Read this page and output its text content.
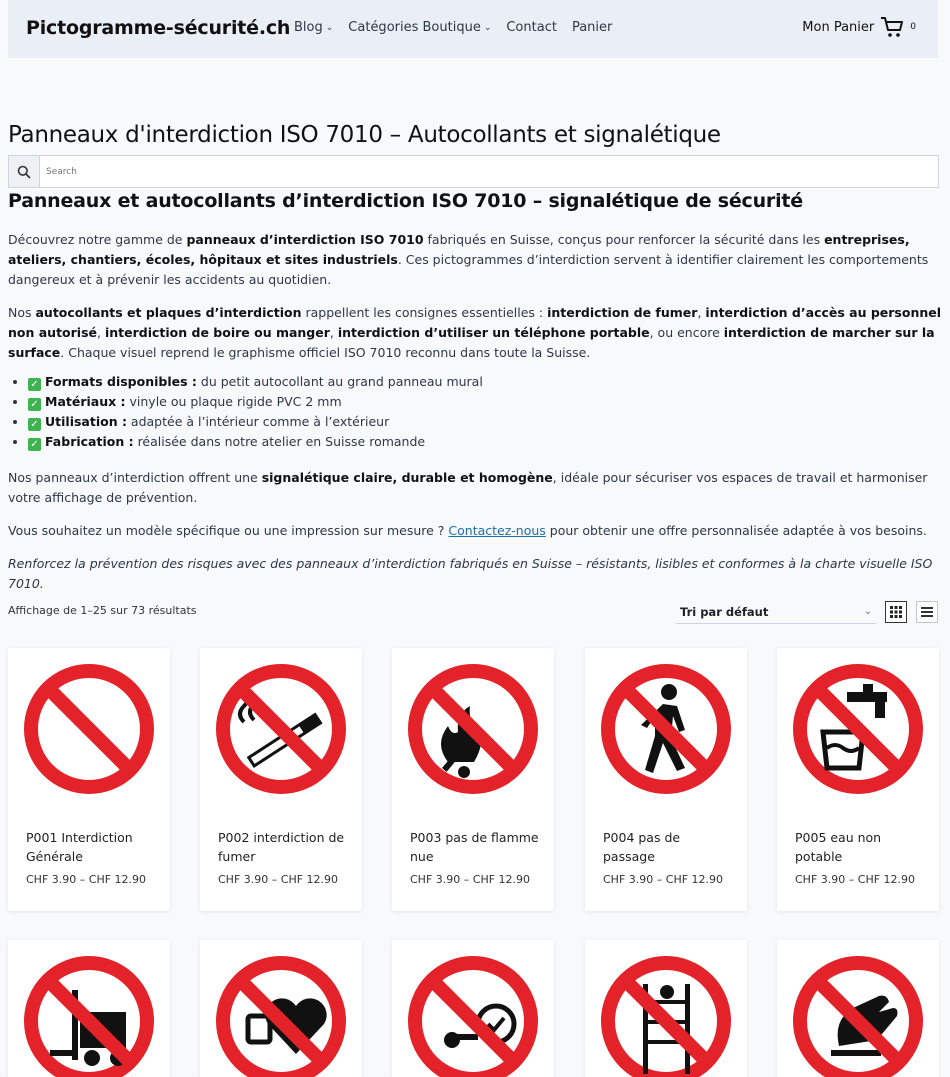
Pictogramme-sécurité.ch Blog ⌄ Catégories Boutique ⌄ Contact Panier	Mon Panier	0
Panneaux d'interdiction ISO 7010 – Autocollants et signalétique
Search
Panneaux et autocollants d’interdiction ISO 7010 – signalétique de sécurité

Découvrez notre gamme de panneaux d’interdiction ISO 7010 fabriqués en Suisse, conçus pour renforcer la sécurité dans les entreprises, ateliers, chantiers, écoles, hôpitaux et sites industriels. Ces pictogrammes d’interdiction servent à identifier clairement les comportements dangereux et à prévenir les accidents au quotidien.

Nos autocollants et plaques d’interdiction rappellent les consignes essentielles : interdiction de fumer, interdiction d’accès au personnel non autorisé, interdiction de boire ou manger, interdiction d’utiliser un téléphone portable, ou encore interdiction de marcher sur la surface. Chaque visuel reprend le graphisme officiel ISO 7010 reconnu dans toute la Suisse.

• ✓ Formats disponibles : du petit autocollant au grand panneau mural
• ✓ Matériaux : vinyle ou plaque rigide PVC 2 mm
• ✓ Utilisation : adaptée à l’intérieur comme à l’extérieur
• ✓ Fabrication : réalisée dans notre atelier en Suisse romande

Nos panneaux d’interdiction offrent une signalétique claire, durable et homogène, idéale pour sécuriser vos espaces de travail et harmoniser votre affichage de prévention.

Vous souhaitez un modèle spécifique ou une impression sur mesure ? Contactez-nous pour obtenir une offre personnalisée adaptée à vos besoins.

Renforcez la prévention des risques avec des panneaux d’interdiction fabriqués en Suisse – résistants, lisibles et conformes à la charte visuelle ISO 7010.

Affichage de 1–25 sur 73 résultats	Tri par défaut	⌄
P001 Interdiction Générale
CHF 3.90 – CHF 12.90
P002 interdiction de fumer
CHF 3.90 – CHF 12.90
P003 pas de flamme nue
CHF 3.90 – CHF 12.90
P004 pas de passage
CHF 3.90 – CHF 12.90
P005 eau non potable
CHF 3.90 – CHF 12.90
